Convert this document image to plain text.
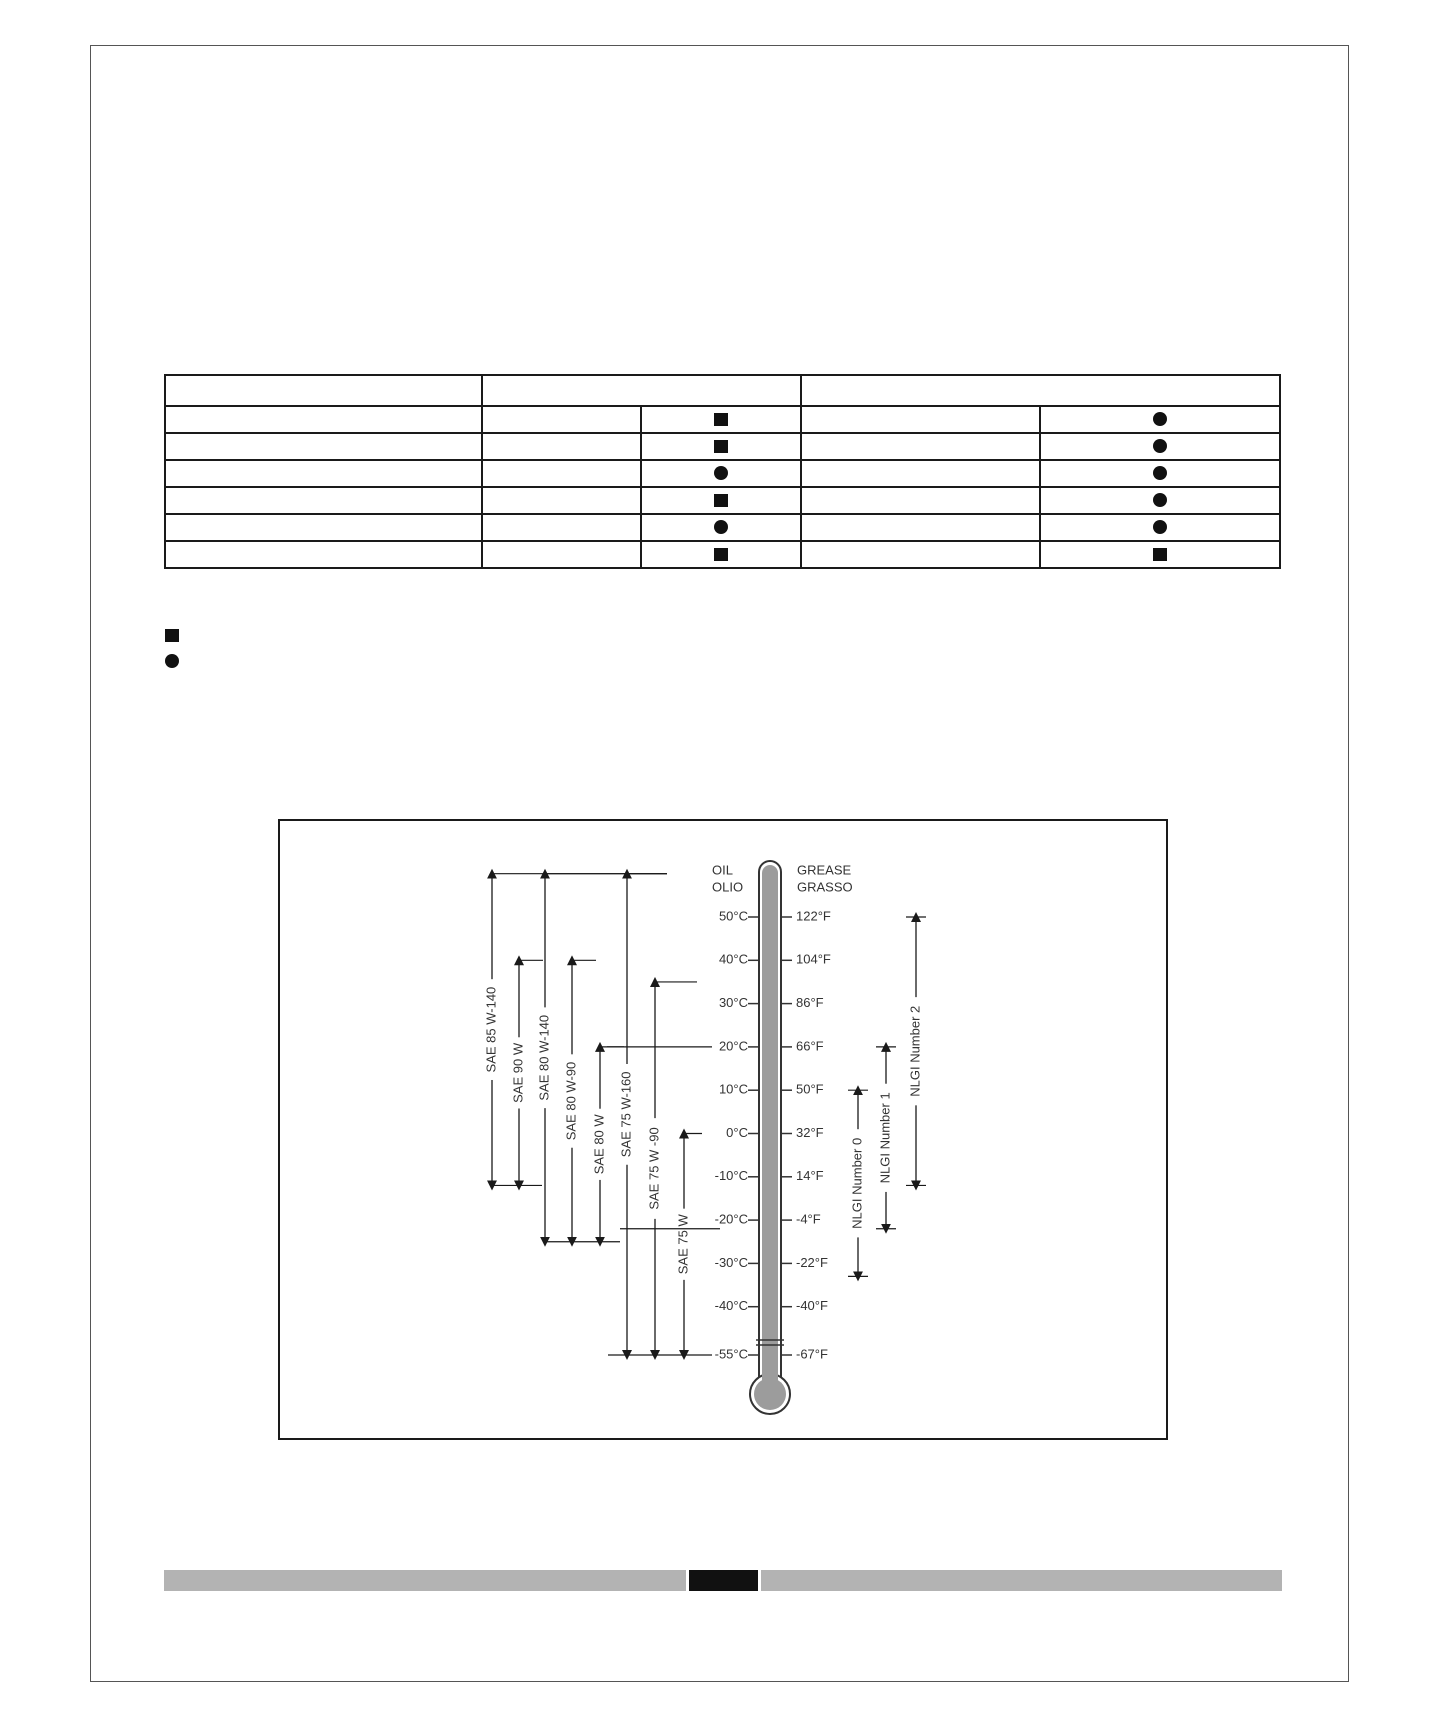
OIL
OLIO
GREASE
GRASSO
50°C
40°C
30°C
20°C
10°C
0°C
-10°C
-20°C
-30°C
-40°C
-55°C
122°F
104°F
86°F
66°F
50°F
32°F
14°F
-4°F
-22°F
-40°F
-67°F
SAE 85 W-140
SAE 90 W SAE 80 W-140
SAE 80 W-90
SAE 80 W SAE 75 W-160
SAE 75 W -90
SAE 75 W
NLGI Number 0 NLGI Number 1
NLGI Number 2
